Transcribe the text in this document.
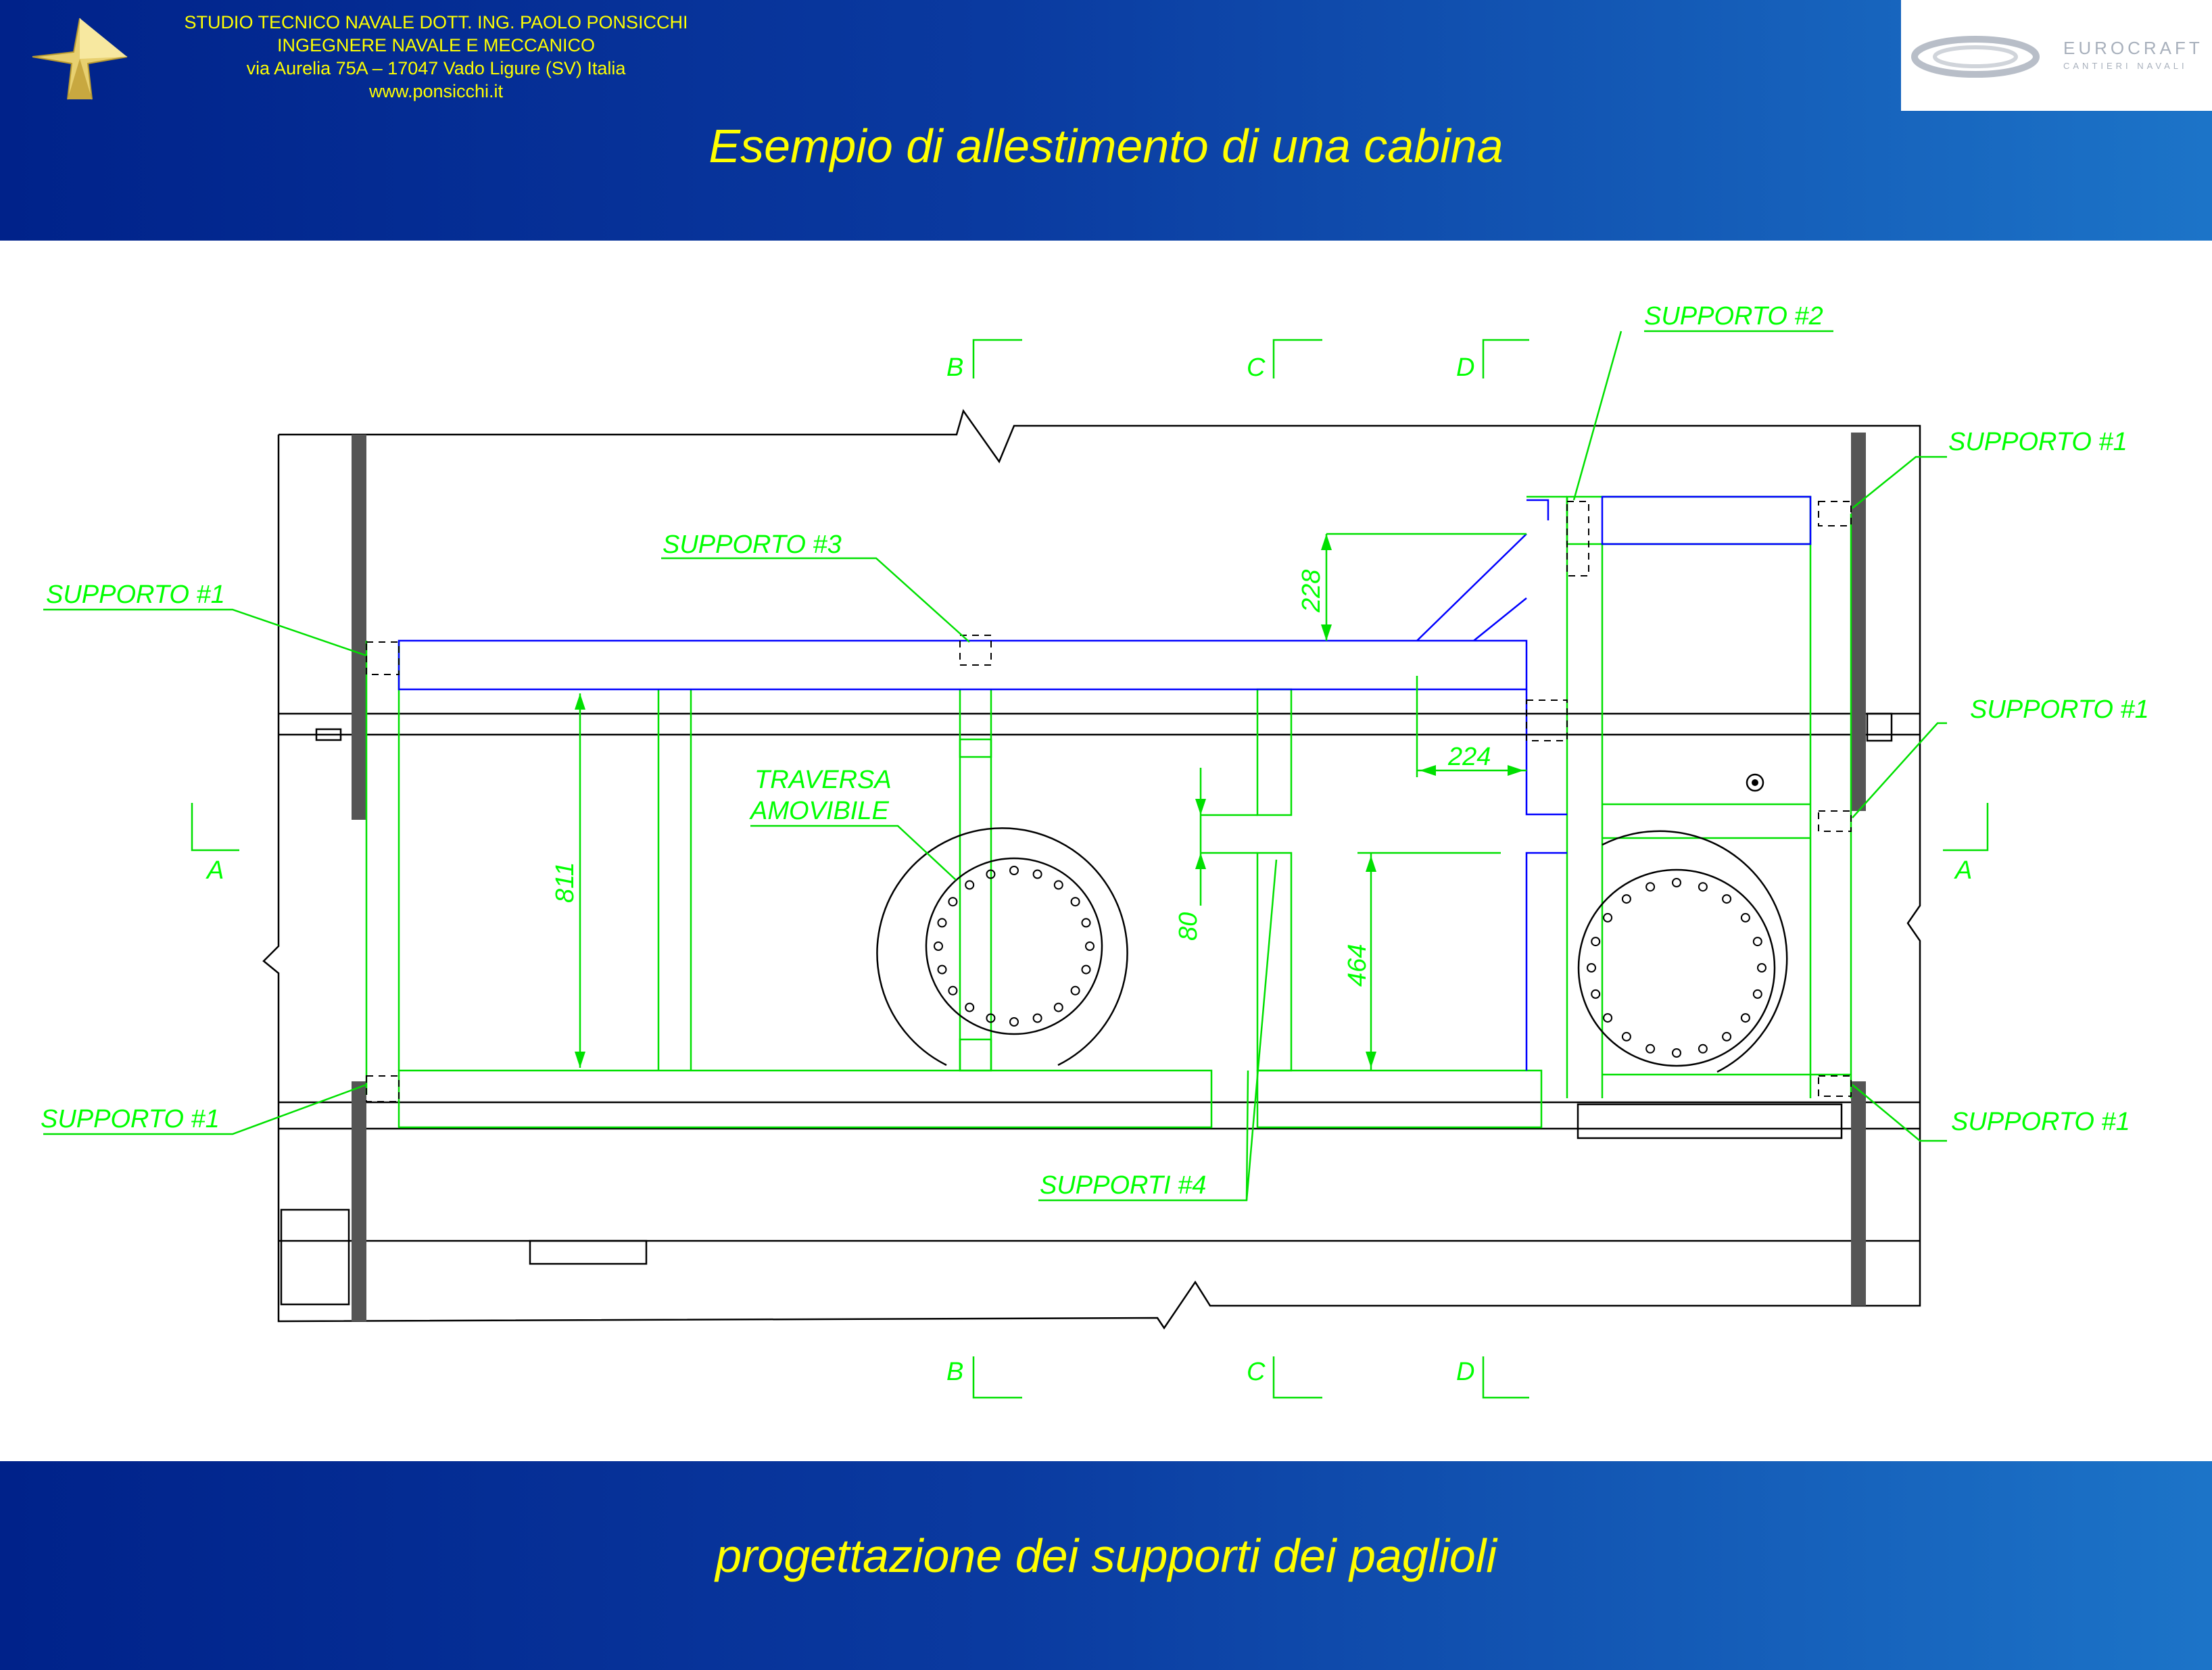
STUDIO TECNICO NAVALE DOTT. ING. PAOLO PONSICCHI
INGEGNERE NAVALE E MECCANICO
via Aurelia 75A – 17047 Vado Ligure (SV) Italia
www.ponsicchi.it
EUROCRAFT
CANTIERI NAVALI
Esempio di allestimento di una cabina
B	C	D
B	C	D
A	A
811
228
224
80
464
SUPPORTO #1
SUPPORTO #1
SUPPORTO #3
SUPPORTO #2
SUPPORTO #1
SUPPORTO #1
SUPPORTO #1
SUPPORTI #4
TRAVERSA
AMOVIBILE
progettazione dei supporti dei paglioli
